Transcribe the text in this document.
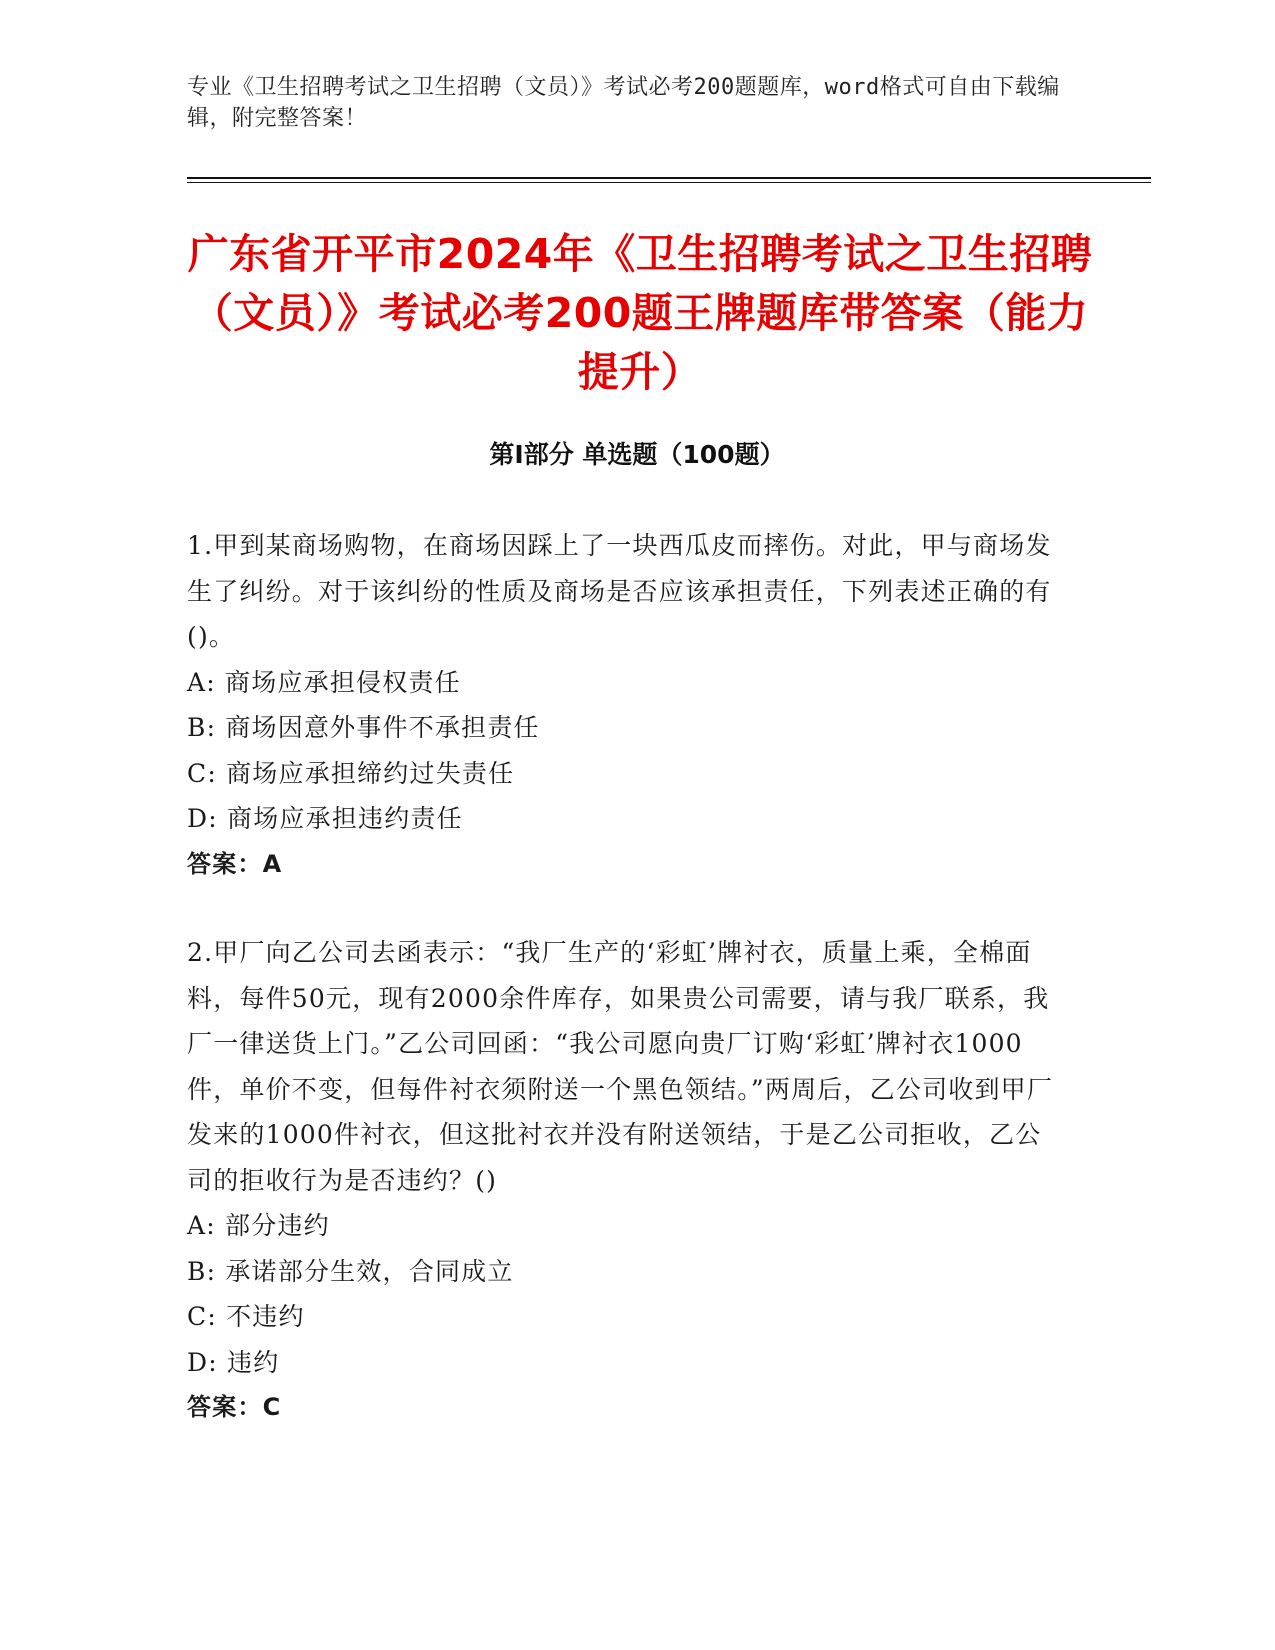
专业《卫生招聘考试之卫生招聘（文员）》考试必考200题题库，word格式可自由下载编辑，附完整答案！
广东省开平市2024年《卫生招聘考试之卫生招聘（文员）》考试必考200题王牌题库带答案（能力提升）
第I部分 单选题（100题）

1.甲到某商场购物，在商场因踩上了一块西瓜皮而摔伤。对此，甲与商场发生了纠纷。对于该纠纷的性质及商场是否应该承担责任，下列表述正确的有()。

A: 商场应承担侵权责任

B: 商场因意外事件不承担责任

C: 商场应承担缔约过失责任

D: 商场应承担违约责任

答案：A

2.甲厂向乙公司去函表示：“我厂生产的‘彩虹’牌衬衣，质量上乘，全棉面料，每件50元，现有2000余件库存，如果贵公司需要，请与我厂联系，我厂一律送货上门。”乙公司回函：“我公司愿向贵厂订购‘彩虹’牌衬衣1000件，单价不变，但每件衬衣须附送一个黑色领结。”两周后，乙公司收到甲厂发来的1000件衬衣，但这批衬衣并没有附送领结，于是乙公司拒收，乙公司的拒收行为是否违约？()

A: 部分违约

B: 承诺部分生效，合同成立

C: 不违约

D: 违约

答案：C
